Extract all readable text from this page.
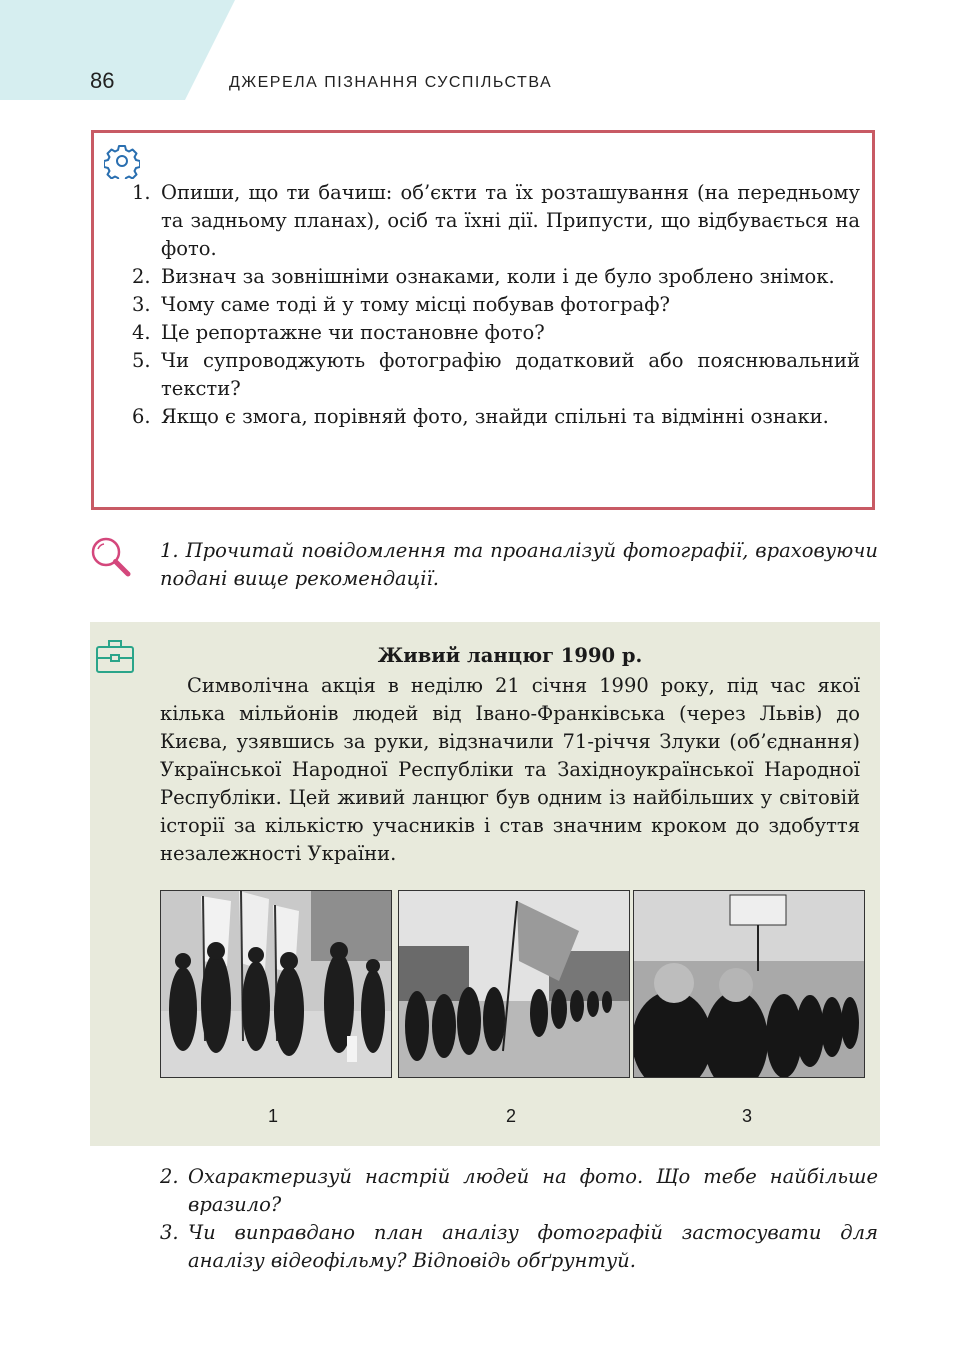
86	ДЖЕРЕЛА ПІЗНАННЯ СУСПІЛЬСТВА
1. Опиши, що ти бачиш: об’єкти та їх розташування (на передньому та задньому планах), осіб та їхні дії. Припусти, що відбувається на фото.
2. Визнач за зовнішніми ознаками, коли і де було зроблено знімок.
3. Чому саме тоді й у тому місці побував фотограф?
4. Це репортажне чи постановне фото?
5. Чи супроводжують фотографію додатковий або пояснювальний тексти?
6. Якщо є змога, порівняй фото, знайди спільні та відмінні ознаки.
1. Прочитай повідомлення та проаналізуй фотографії, враховуючи подані вище рекомендації.
Живий ланцюг 1990 р.
Символічна акція в неділю 21 січня 1990 року, під час якої кілька мільйонів людей від Івано-Франківська (через Львів) до Києва, узявшись за руки, відзначили 71-річчя Злуки (об’єднання) Української Народної Республіки та Західноукраїнської Народної Республіки. Цей живий ланцюг був одним із найбільших у світовій історії за кількістю учасників і став значним кроком до здобуття незалежності України.
1	2	3
2. Охарактеризуй настрій людей на фото. Що тебе найбільше вразило?
3. Чи виправдано план аналізу фотографій застосувати для аналізу відеофільму? Відповідь обґрунтуй.
